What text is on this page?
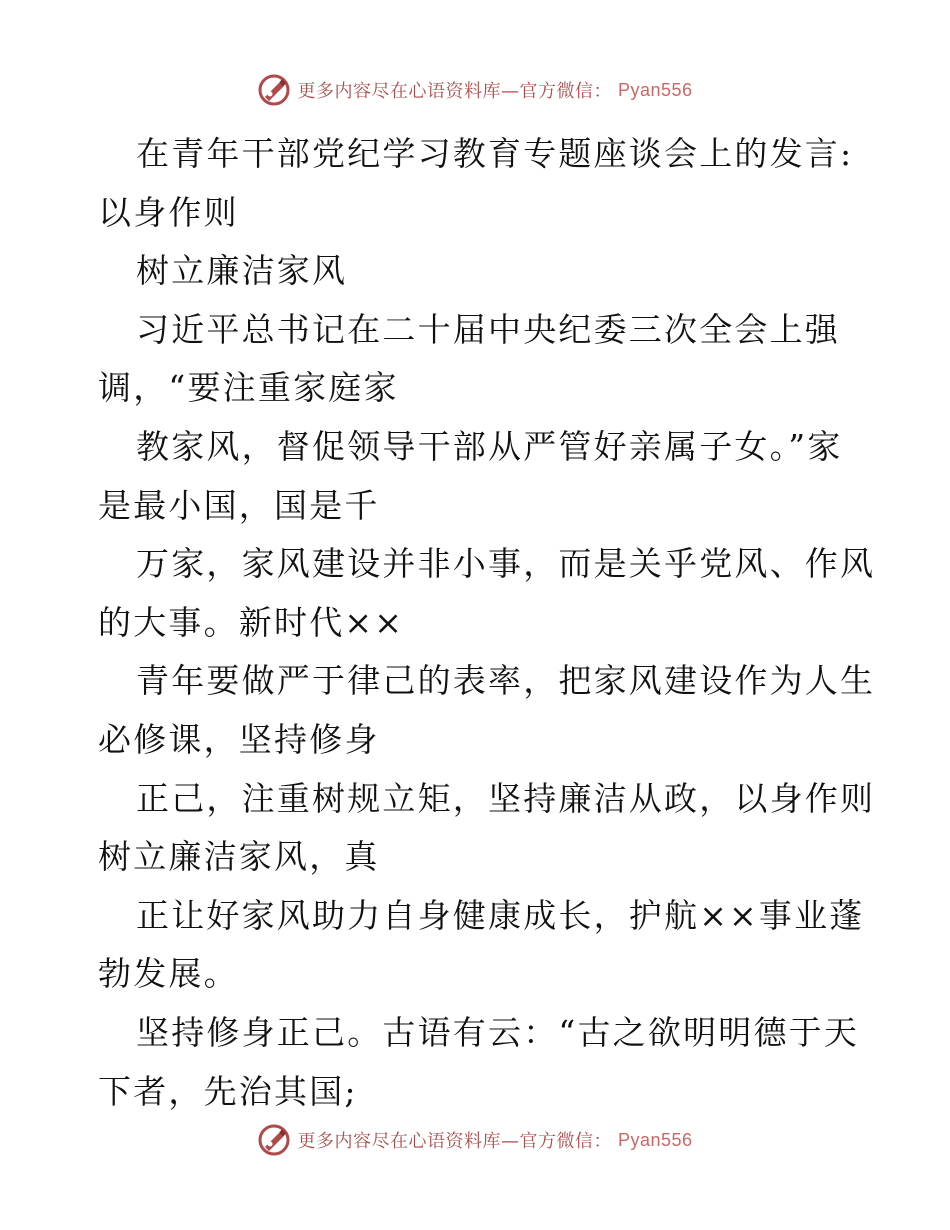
更多内容尽在心语资料库—官方微信： Pyan556

在青年干部党纪学习教育专题座谈会上的发言:
以身作则

树立廉洁家风

习近平总书记在二十届中央纪委三次全会上强
调，“要注重家庭家

教家风，督促领导干部从严管好亲属子女。”家
是最小国，国是千

万家，家风建设并非小事，而是关乎党风、作风
的大事。新时代××

青年要做严于律己的表率，把家风建设作为人生
必修课，坚持修身

正己，注重树规立矩，坚持廉洁从政，以身作则
树立廉洁家风，真

正让好家风助力自身健康成长，护航××事业蓬
勃发展。

坚持修身正己。古语有云：“古之欲明明德于天
下者，先治其国;

更多内容尽在心语资料库—官方微信： Pyan556
